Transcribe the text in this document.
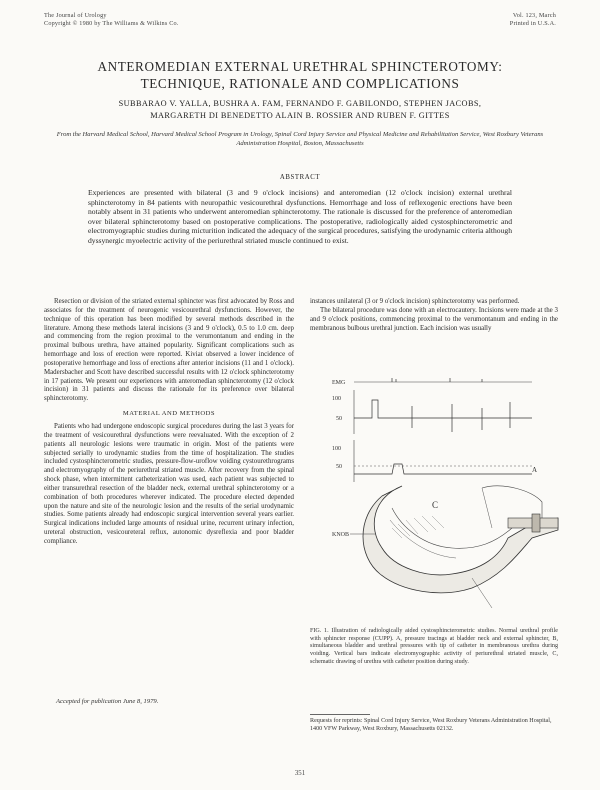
The Journal of Urology
Copyright © 1980 by The Williams & Wilkins Co.
Vol. 123, March
Printed in U.S.A.
ANTEROMEDIAN EXTERNAL URETHRAL SPHINCTEROTOMY:
TECHNIQUE, RATIONALE AND COMPLICATIONS
SUBBARAO V. YALLA, BUSHRA A. FAM, FERNANDO F. GABILONDO, STEPHEN JACOBS,
MARGARETH DI BENEDETTO ALAIN B. ROSSIER AND RUBEN F. GITTES
From the Harvard Medical School, Harvard Medical School Program in Urology, Spinal Cord Injury Service and Physical Medicine and Rehabilitation Service, West Roxbury Veterans Administration Hospital, Boston, Massachusetts
ABSTRACT
Experiences are presented with bilateral (3 and 9 o'clock incisions) and anteromedian (12 o'clock incision) external urethral sphincterotomy in 84 patients with neuropathic vesicourethral dysfunctions. Hemorrhage and loss of reflexogenic erections have been notably absent in 31 patients who underwent anteromedian sphincterotomy. The rationale is discussed for the preference of anteromedian over bilateral sphincterotomy based on postoperative complications. The postoperative, radiologically aided cystosphincterometric and electromyographic studies during micturition indicated the adequacy of the surgical procedures, satisfying the urodynamic criteria although dyssynergic myoelectric activity of the periurethral striated muscle continued to exist.

Resection or division of the striated external sphincter was first advocated by Ross and associates for the treatment of neurogenic vesicourethral dysfunctions. However, the technique of this operation has been modified by several methods described in the literature. Among these methods lateral incisions (3 and 9 o'clock), 0.5 to 1.0 cm. deep and commencing from the region proximal to the verumontanum and ending in the proximal bulbous urethra, have attained popularity. Significant complications such as hemorrhage and loss of erection were reported. Kiviat observed a lower incidence of postoperative hemorrhage and loss of erections after anterior incisions (11 and 1 o'clock). Madersbacher and Scott have described successful results with 12 o'clock sphincterotomy in 17 patients. We present our experiences with anteromedian sphincterotomy (12 o'clock incision) in 31 patients and discuss the rationale for its preference over bilateral sphincterotomy.

MATERIAL AND METHODS

Patients who had undergone endoscopic surgical procedures during the last 3 years for the treatment of vesicourethral dysfunctions were reevaluated. With the exception of 2 patients all neurologic lesions were traumatic in origin. Most of the patients were subjected serially to urodynamic studies from the time of hospitalization. The studies included cystosphincterometric studies, pressure-flow-uroflow voiding cystourethrograms and electromyography of the periurethral striated muscle. After recovery from the spinal shock phase, when intermittent catheterization was used, each patient was subjected to either transurethral resection of the bladder neck, external urethral sphincterotomy or a combination of both procedures wherever indicated. The procedure elected depended upon the nature and site of the neurologic lesion and the results of the serial urodynamic studies. Some patients already had endoscopic surgical intervention several years earlier. Surgical indications included large amounts of residual urine, recurrent urinary infection, ureteral obstruction, vesicoureteral reflux, autonomic dysreflexia and poor bladder compliance.

instances unilateral (3 or 9 o'clock incision) sphincterotomy was performed.

The bilateral procedure was done with an electrocautery. Incisions were made at the 3 and 9 o'clock positions, commencing proximal to the verumontanum and ending in the membranous bulbous urethral junction. Each incision was usually

EMG
100
50
100
50	A
C
KNOB
FIG. 1. Illustration of radiologically aided cystosphincterometric studies. Normal urethral profile with sphincter response (CUPP). A, pressure tracings at bladder neck and external sphincter, B, simultaneous bladder and urethral pressures with tip of catheter in membranous urethra during voiding. Vertical bars indicate electromyographic activity of periurethral striated muscle, C, schematic drawing of urethra with catheter position during study.
Requests for reprints: Spinal Cord Injury Service, West Roxbury Veterans Administration Hospital, 1400 VFW Parkway, West Roxbury, Massachusetts 02132.
Accepted for publication June 8, 1979.
351
